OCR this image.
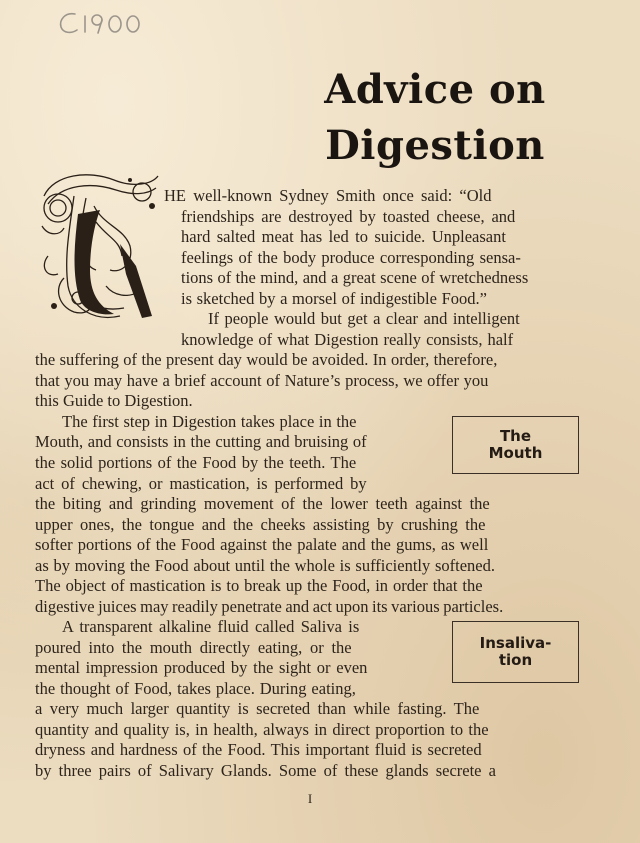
Advice on
Digestion

HE well-known Sydney Smith once said: “Old

friendships are destroyed by toasted cheese, and

hard salted meat has led to suicide. Unpleasant

feelings of the body produce corresponding sensa-

tions of the mind, and a great scene of wretchedness

is sketched by a morsel of indigestible Food.”

If people would but get a clear and intelligent

knowledge of what Digestion really consists, half

the suffering of the present day would be avoided. In order, therefore,

that you may have a brief account of Nature’s process, we offer you

this Guide to Digestion.

The first step in Digestion takes place in the

Mouth, and consists in the cutting and bruising of

the solid portions of the Food by the teeth. The

act of chewing, or mastication, is performed by

the biting and grinding movement of the lower teeth against the

upper ones, the tongue and the cheeks assisting by crushing the

softer portions of the Food against the palate and the gums, as well

as by moving the Food about until the whole is sufficiently softened.

The object of mastication is to break up the Food, in order that the

digestive juices may readily penetrate and act upon its various particles.

A transparent alkaline fluid called Saliva is

poured into the mouth directly eating, or the

mental impression produced by the sight or even

the thought of Food, takes place. During eating,

a very much larger quantity is secreted than while fasting. The

quantity and quality is, in health, always in direct proportion to the

dryness and hardness of the Food. This important fluid is secreted

by three pairs of Salivary Glands. Some of these glands secrete a

The
Mouth
Insaliva-
tion
I
